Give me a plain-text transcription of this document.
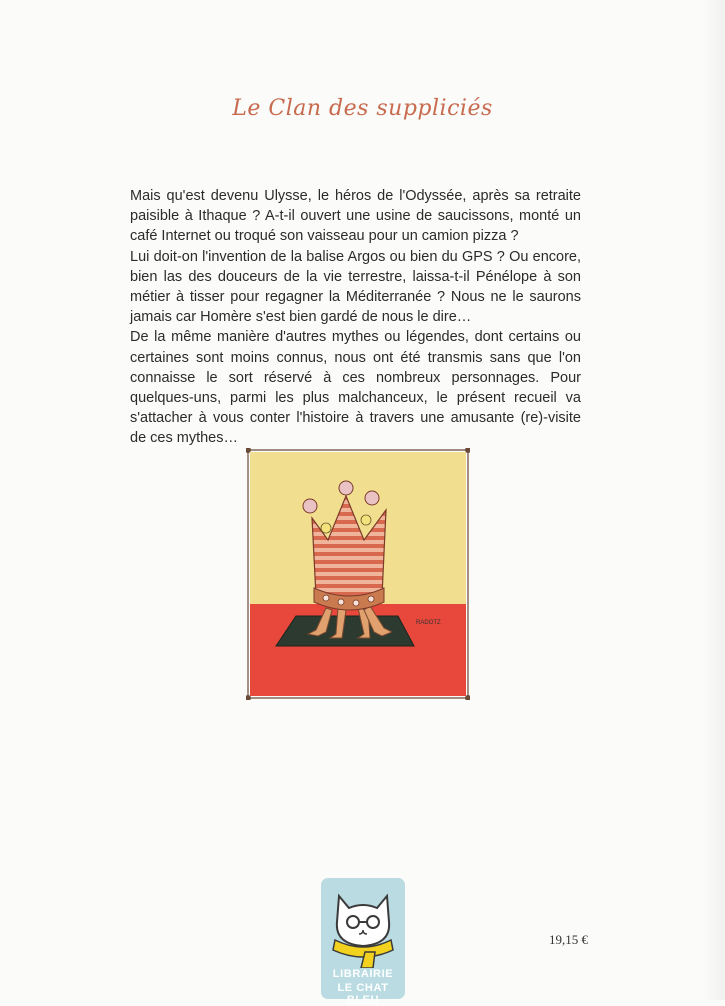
Le Clan des suppliciés

Mais qu'est devenu Ulysse, le héros de l'Odyssée, après sa retraite paisible à Ithaque ? A-t-il ouvert une usine de saucissons, monté un café Internet ou troqué son vaisseau pour un camion pizza ?

Lui doit-on l'invention de la balise Argos ou bien du GPS ? Ou encore, bien las des douceurs de la vie terrestre, laissa-t-il Pénélope à son métier à tisser pour regagner la Méditerranée ? Nous ne le saurons jamais car Homère s'est bien gardé de nous le dire…

De la même manière d'autres mythes ou légendes, dont certains ou certaines sont moins connus, nous ont été transmis sans que l'on connaisse le sort réservé à ces nombreux personnages. Pour quelques-uns, parmi les plus malchanceux, le présent recueil va s'attacher à vous conter l'histoire à travers une amusante (re)-visite de ces mythes…

RADOTZ
19,15 €
LIBRAIRIE
LE CHAT BLEU
